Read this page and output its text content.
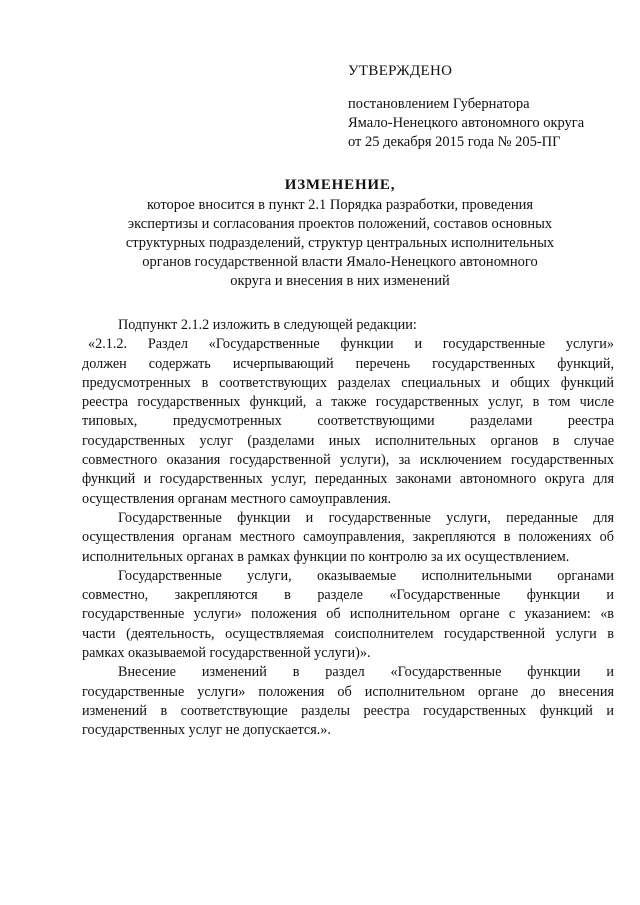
УТВЕРЖДЕНО
постановлением Губернатора
Ямало-Ненецкого автономного округа
от 25 декабря 2015 года № 205-ПГ
ИЗМЕНЕНИЕ,
которое вносится в пункт 2.1 Порядка разработки, проведения
экспертизы и согласования проектов положений, составов основных
структурных подразделений, структур центральных исполнительных
органов государственной власти Ямало-Ненецкого автономного
округа и внесения в них изменений
Подпункт 2.1.2 изложить в следующей редакции:
«2.1.2. Раздел «Государственные функции и государственные услуги»
должен содержать исчерпывающий перечень государственных функций,
предусмотренных в соответствующих разделах специальных и общих функций
реестра государственных функций, а также государственных услуг, в том числе
типовых, предусмотренных соответствующими разделами реестра
государственных услуг (разделами иных исполнительных органов в случае
совместного оказания государственной услуги), за исключением государственных
функций и государственных услуг, переданных законами автономного округа для
осуществления органам местного самоуправления.
Государственные функции и государственные услуги, переданные для
осуществления органам местного самоуправления, закрепляются в положениях об
исполнительных органах в рамках функции по контролю за их осуществлением.
Государственные услуги, оказываемые исполнительными органами
совместно, закрепляются в разделе «Государственные функции и
государственные услуги» положения об исполнительном органе с указанием: «в
части (деятельность, осуществляемая соисполнителем государственной услуги в
рамках оказываемой государственной услуги)».
Внесение изменений в раздел «Государственные функции и
государственные услуги» положения об исполнительном органе до внесения
изменений в соответствующие разделы реестра государственных функций и
государственных услуг не допускается.».
